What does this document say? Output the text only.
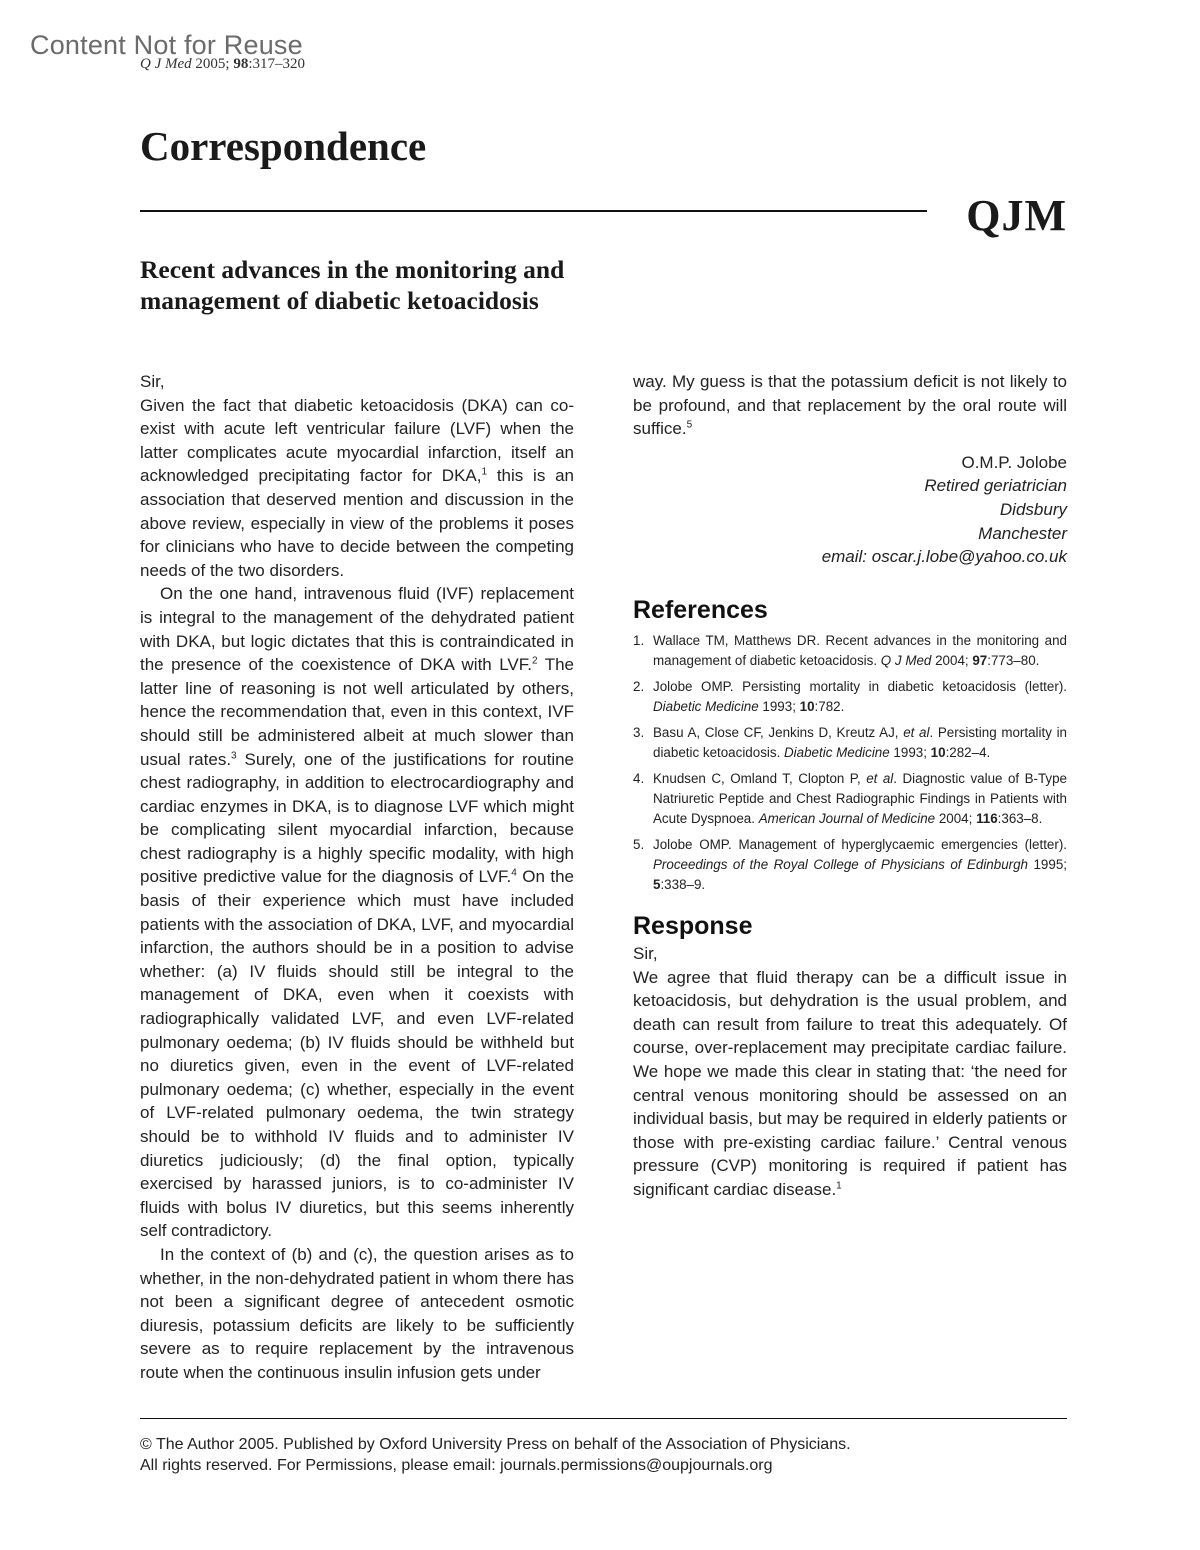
Content Not for Reuse
Q J Med 2005; 98:317–320
Correspondence
QJM
Recent advances in the monitoring and management of diabetic ketoacidosis

Sir,

Given the fact that diabetic ketoacidosis (DKA) can co-exist with acute left ventricular failure (LVF) when the latter complicates acute myocardial infarction, itself an acknowledged precipitating factor for DKA,$^1$ this is an association that deserved mention and discussion in the above review, especially in view of the problems it poses for clinicians who have to decide between the competing needs of the two disorders.

On the one hand, intravenous fluid (IVF) replacement is integral to the management of the dehydrated patient with DKA, but logic dictates that this is contraindicated in the presence of the coexistence of DKA with LVF.$^2$ The latter line of reasoning is not well articulated by others, hence the recommendation that, even in this context, IVF should still be administered albeit at much slower than usual rates.$^3$ Surely, one of the justifications for routine chest radiography, in addition to electrocardiography and cardiac enzymes in DKA, is to diagnose LVF which might be complicating silent myocardial infarction, because chest radiography is a highly specific modality, with high positive predictive value for the diagnosis of LVF.$^4$ On the basis of their experience which must have included patients with the association of DKA, LVF, and myocardial infarction, the authors should be in a position to advise whether: (a) IV fluids should still be integral to the management of DKA, even when it coexists with radiographically validated LVF, and even LVF-related pulmonary oedema; (b) IV fluids should be withheld but no diuretics given, even in the event of LVF-related pulmonary oedema; (c) whether, especially in the event of LVF-related pulmonary oedema, the twin strategy should be to withhold IV fluids and to administer IV diuretics judiciously; (d) the final option, typically exercised by harassed juniors, is to co-administer IV fluids with bolus IV diuretics, but this seems inherently self contradictory.

In the context of (b) and (c), the question arises as to whether, in the non-dehydrated patient in whom there has not been a significant degree of antecedent osmotic diuresis, potassium deficits are likely to be sufficiently severe as to require replacement by the intravenous route when the continuous insulin infusion gets under

way. My guess is that the potassium deficit is not likely to be profound, and that replacement by the oral route will suffice.$^5$

O.M.P. Jolobe
Retired geriatrician
Didsbury
Manchester
email: oscar.j.lobe@yahoo.co.uk
References
1. Wallace TM, Matthews DR. Recent advances in the monitoring and management of diabetic ketoacidosis. Q J Med 2004; 97:773–80.
2. Jolobe OMP. Persisting mortality in diabetic ketoacidosis (letter). Diabetic Medicine 1993; 10:782.
3. Basu A, Close CF, Jenkins D, Kreutz AJ, et al. Persisting mortality in diabetic ketoacidosis. Diabetic Medicine 1993; 10:282–4.
4. Knudsen C, Omland T, Clopton P, et al. Diagnostic value of B-Type Natriuretic Peptide and Chest Radiographic Findings in Patients with Acute Dyspnoea. American Journal of Medicine 2004; 116:363–8.
5. Jolobe OMP. Management of hyperglycaemic emergencies (letter). Proceedings of the Royal College of Physicians of Edinburgh 1995; 5:338–9.
Response

Sir,

We agree that fluid therapy can be a difficult issue in ketoacidosis, but dehydration is the usual problem, and death can result from failure to treat this adequately. Of course, over-replacement may precipitate cardiac failure. We hope we made this clear in stating that: ‘the need for central venous monitoring should be assessed on an individual basis, but may be required in elderly patients or those with pre-existing cardiac failure.’ Central venous pressure (CVP) monitoring is required if patient has significant cardiac disease.$^1$

© The Author 2005. Published by Oxford University Press on behalf of the Association of Physicians.
All rights reserved. For Permissions, please email: journals.permissions@oupjournals.org
